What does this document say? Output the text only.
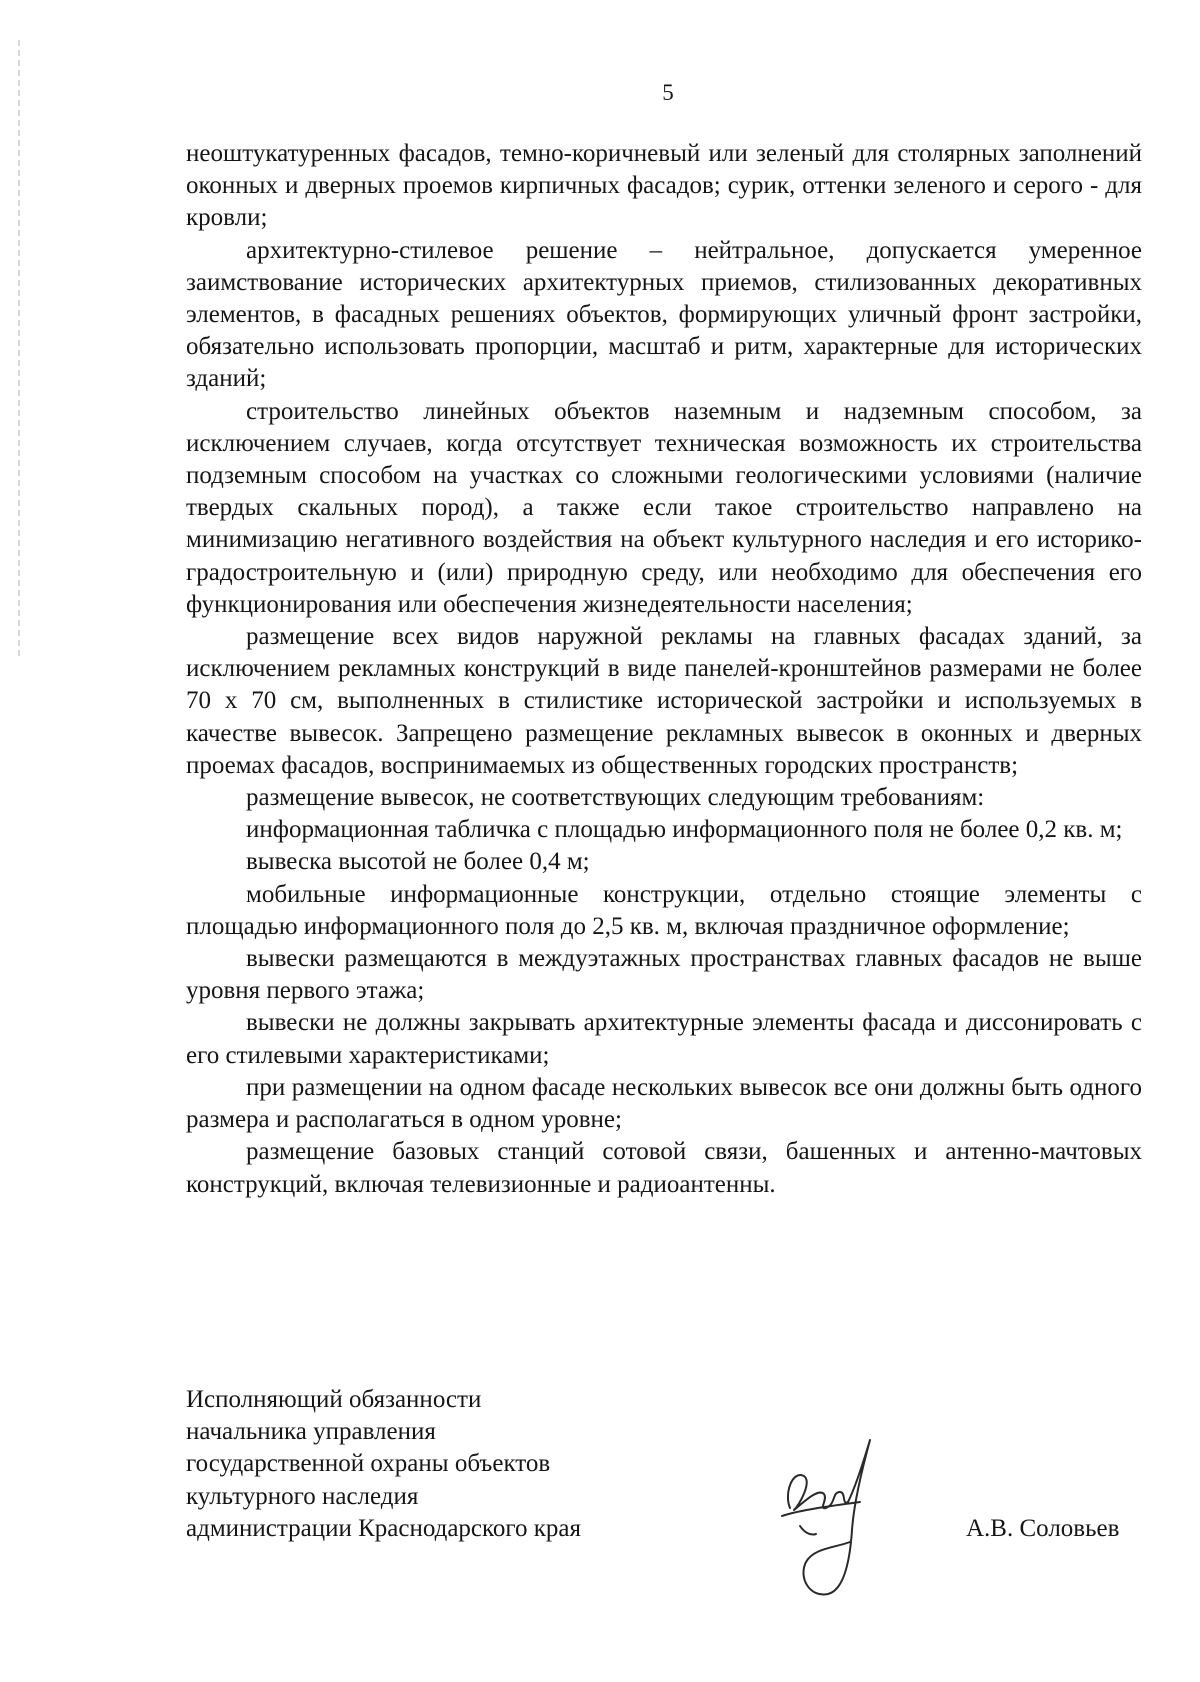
5

неоштукатуренных фасадов, темно-коричневый или зеленый для столярных заполнений оконных и дверных проемов кирпичных фасадов; сурик, оттенки зеленого и серого - для кровли;

архитектурно-стилевое решение – нейтральное, допускается умеренное заимствование исторических архитектурных приемов, стилизованных декоративных элементов, в фасадных решениях объектов, формирующих уличный фронт застройки, обязательно использовать пропорции, масштаб и ритм, характерные для исторических зданий;

строительство линейных объектов наземным и надземным способом, за исключением случаев, когда отсутствует техническая возможность их строительства подземным способом на участках со сложными геологическими условиями (наличие твердых скальных пород), а также если такое строительство направлено на минимизацию негативного воздействия на объект культурного наследия и его историко-градостроительную и (или) природную среду, или необходимо для обеспечения его функционирования или обеспечения жизнедеятельности населения;

размещение всех видов наружной рекламы на главных фасадах зданий, за исключением рекламных конструкций в виде панелей-кронштейнов размерами не более 70 х 70 см, выполненных в стилистике исторической застройки и используемых в качестве вывесок. Запрещено размещение рекламных вывесок в оконных и дверных проемах фасадов, воспринимаемых из общественных городских пространств;

размещение вывесок, не соответствующих следующим требованиям:

информационная табличка с площадью информационного поля не более 0,2 кв. м;

вывеска высотой не более 0,4 м;

мобильные информационные конструкции, отдельно стоящие элементы с площадью информационного поля до 2,5 кв. м, включая праздничное оформление;

вывески размещаются в междуэтажных пространствах главных фасадов не выше уровня первого этажа;

вывески не должны закрывать архитектурные элементы фасада и диссонировать с его стилевыми характеристиками;

при размещении на одном фасаде нескольких вывесок все они должны быть одного размера и располагаться в одном уровне;

размещение базовых станций сотовой связи, башенных и антенно-мачтовых конструкций, включая телевизионные и радиоантенны.

Исполняющий обязанности
начальника управления
государственной охраны объектов
культурного наследия
администрации Краснодарского края	А.В. Соловьев
